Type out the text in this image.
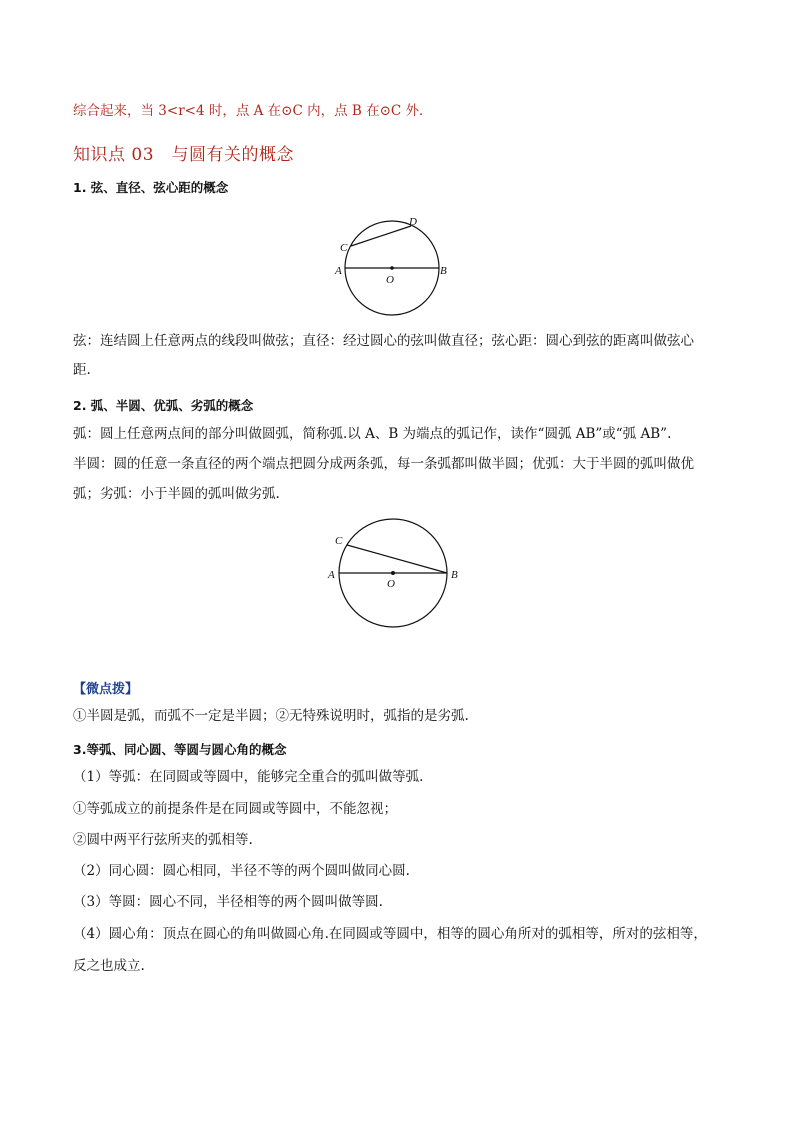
综合起来，当 3<r<4 时，点 A 在⊙C 内，点 B 在⊙C 外．
知识点 03　与圆有关的概念
1. 弦、直径、弦心距的概念
A	B
C
D
O
弦：连结圆上任意两点的线段叫做弦；直径：经过圆心的弦叫做直径；弦心距：圆心到弦的距离叫做弦心
距.
2. 弧、半圆、优弧、劣弧的概念
弧：圆上任意两点间的部分叫做圆弧，简称弧.以 A、B 为端点的弧记作，读作“圆弧 AB”或“弧 AB”.
半圆：圆的任意一条直径的两个端点把圆分成两条弧，每一条弧都叫做半圆；优弧：大于半圆的弧叫做优
弧；劣弧：小于半圆的弧叫做劣弧.
A	B
C
O
【微点拨】
①半圆是弧，而弧不一定是半圆；②无特殊说明时，弧指的是劣弧.
3.等弧、同心圆、等圆与圆心角的概念
（1）等弧：在同圆或等圆中，能够完全重合的弧叫做等弧.
①等弧成立的前提条件是在同圆或等圆中，不能忽视；
②圆中两平行弦所夹的弧相等.
（2）同心圆：圆心相同，半径不等的两个圆叫做同心圆.
（3）等圆：圆心不同，半径相等的两个圆叫做等圆.
（4）圆心角：顶点在圆心的角叫做圆心角.在同圆或等圆中，相等的圆心角所对的弧相等，所对的弦相等，
反之也成立.
